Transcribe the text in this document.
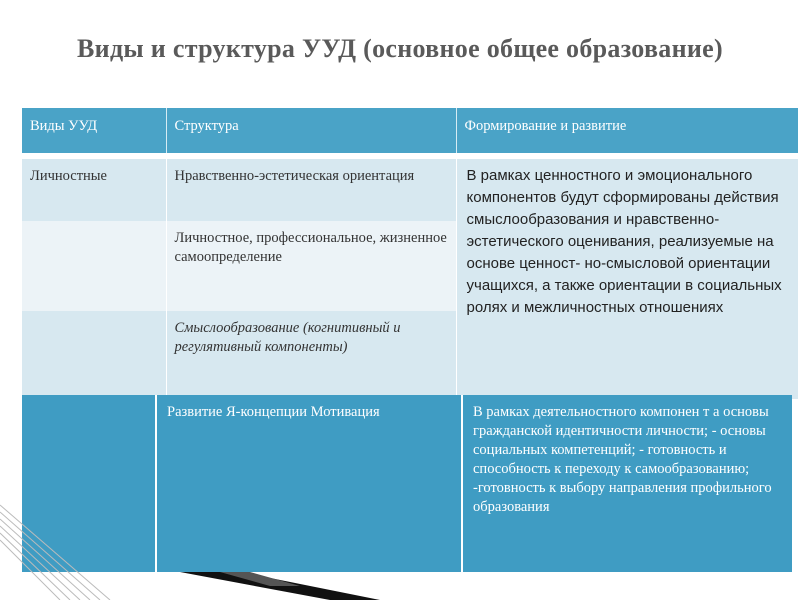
Виды и структура УУД (основное общее образование)
Виды УУД	Структура	Формирование и развитие

Личностные	Нравственно-эстетическая ориентация	В рамках ценностного и эмоционального компонентов будут сформированы действия смыслообразования и нравственно-эстетического оценивания, реализуемые на основе ценност- но-смысловой ориентации учащихся, а также ориентации в социальных ролях и межличностных отношениях
	Личностное, профессиональное, жизненное самоопределение	
	Смыслообразование (когнитивный и регулятивный компоненты)	
	Развитие Я-концепции Мотивация	В рамках деятельностного компонен т а основы гражданской идентичности личности; - основы социальных компетенций; - готовность и способность к переходу к самообразованию; -готовность к выбору направления профильного образования
